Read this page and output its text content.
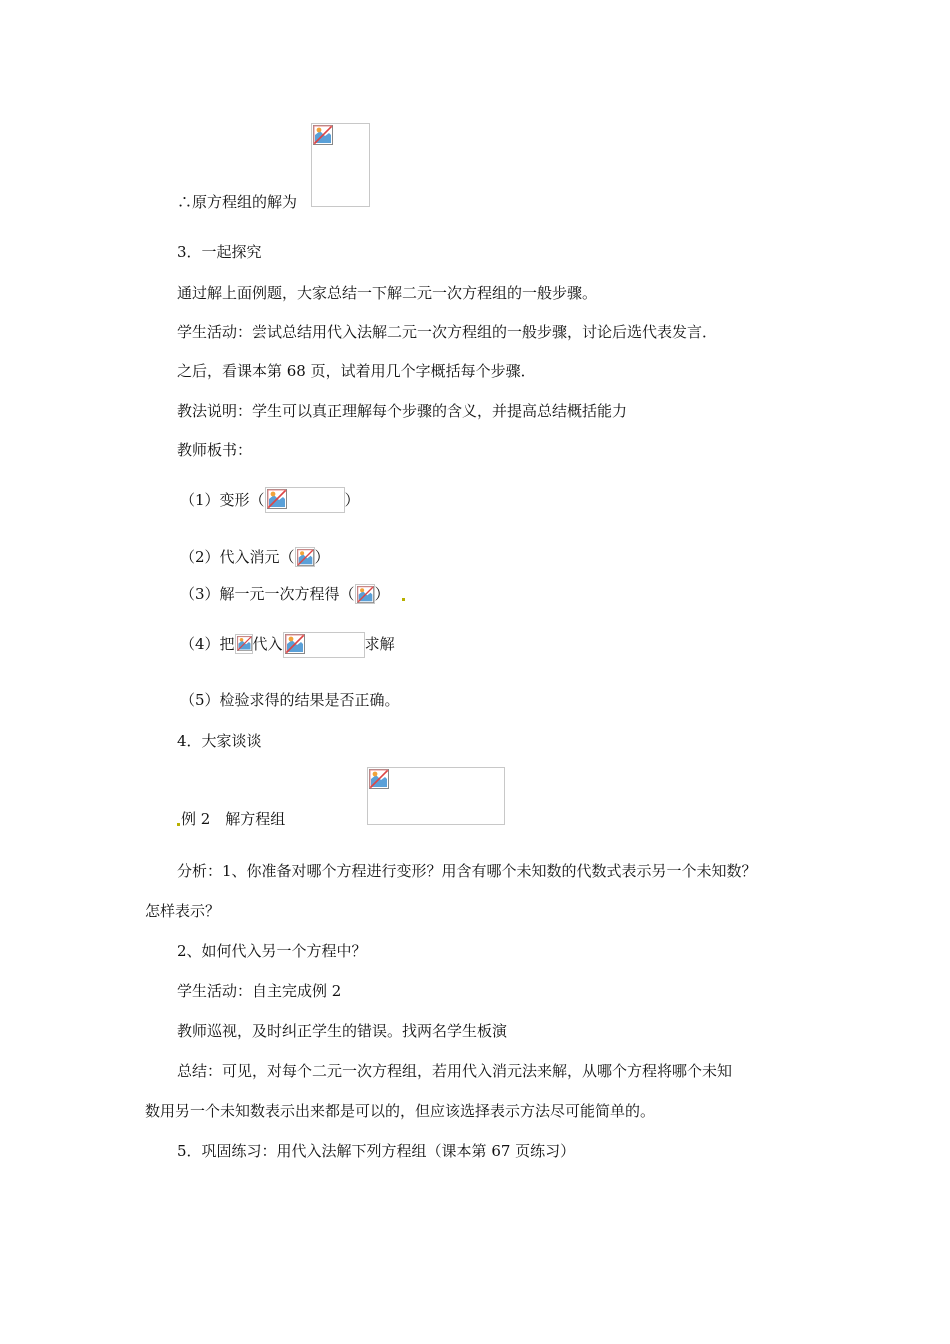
∴原方程组的解为
3．一起探究
通过解上面例题，大家总结一下解二元一次方程组的一般步骤。
学生活动：尝试总结用代入法解二元一次方程组的一般步骤，讨论后选代表发言．
之后，看课本第 68 页，试着用几个字概括每个步骤．
教法说明：学生可以真正理解每个步骤的含义，并提高总结概括能力
教师板书：
（1）变形（	）
（2）代入消元（ ）
（3）解一元一次方程得（ ）
（4）把 代入	求解
（5）检验求得的结果是否正确。
4．大家谈谈
例 2　解方程组
分析：1、你准备对哪个方程进行变形？用含有哪个未知数的代数式表示另一个未知数？
怎样表示？
2、如何代入另一个方程中？
学生活动：自主完成例 2
教师巡视，及时纠正学生的错误。找两名学生板演
总结：可见，对每个二元一次方程组，若用代入消元法来解，从哪个方程将哪个未知
数用另一个未知数表示出来都是可以的，但应该选择表示方法尽可能简单的。
5．巩固练习：用代入法解下列方程组（课本第 67 页练习）
